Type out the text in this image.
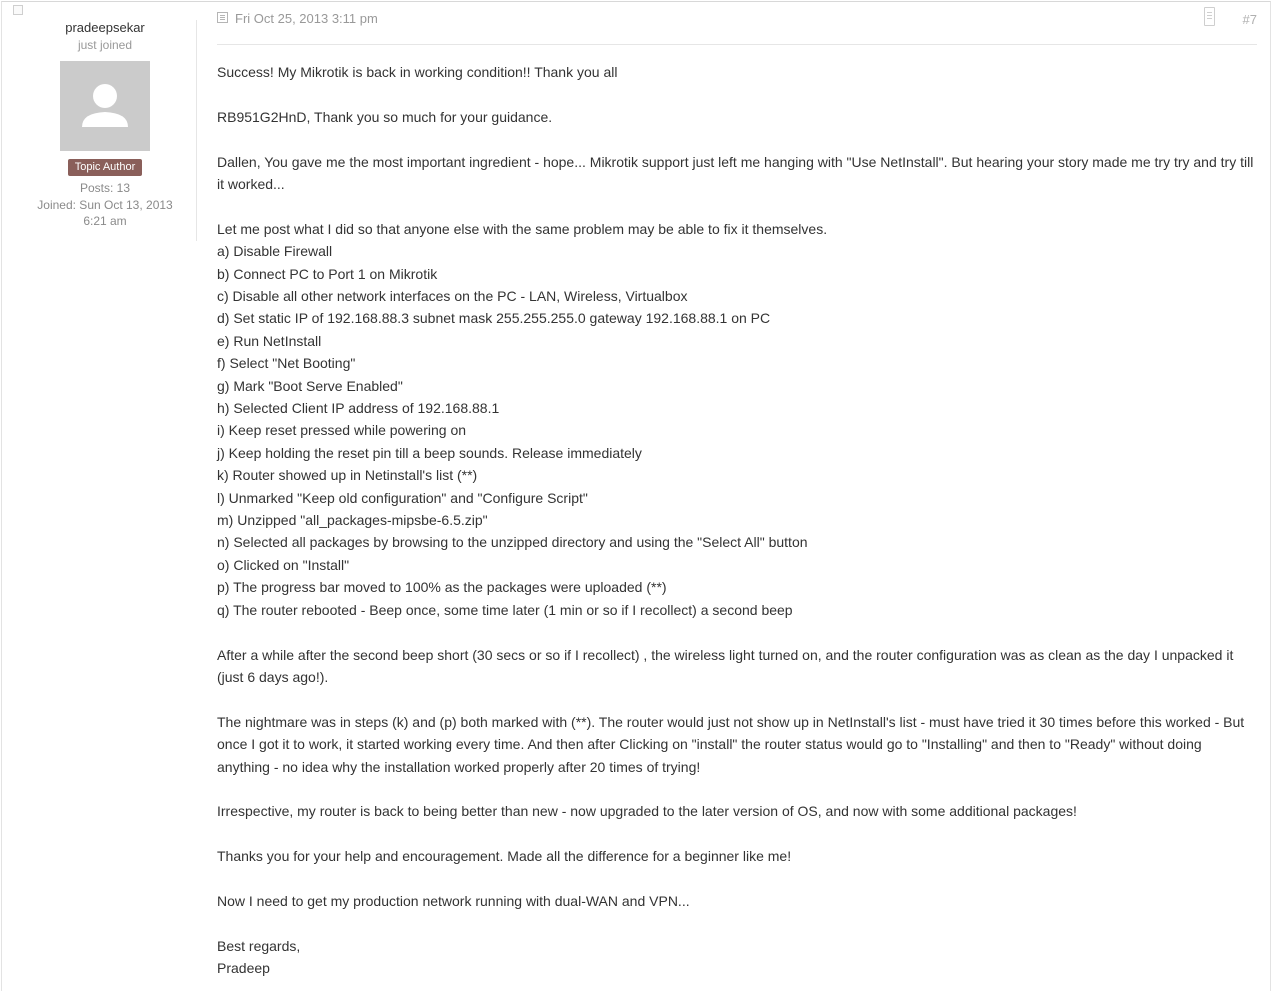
pradeepsekar
just joined
Topic Author
Posts: 13
Joined: Sun Oct 13, 2013 6:21 am
Fri Oct 25, 2013 3:11 pm	#7

Success! My Mikrotik is back in working condition!! Thank you all

RB951G2HnD, Thank you so much for your guidance.

Dallen, You gave me the most important ingredient - hope... Mikrotik support just left me hanging with "Use NetInstall". But hearing your story made me try try and try till it worked...

Let me post what I did so that anyone else with the same problem may be able to fix it themselves.
a) Disable Firewall
b) Connect PC to Port 1 on Mikrotik
c) Disable all other network interfaces on the PC - LAN, Wireless, Virtualbox
d) Set static IP of 192.168.88.3 subnet mask 255.255.255.0 gateway 192.168.88.1 on PC
e) Run NetInstall
f) Select "Net Booting"
g) Mark "Boot Serve Enabled"
h) Selected Client IP address of 192.168.88.1
i) Keep reset pressed while powering on
j) Keep holding the reset pin till a beep sounds. Release immediately
k) Router showed up in Netinstall's list (**)
l) Unmarked "Keep old configuration" and "Configure Script"
m) Unzipped "all_packages-mipsbe-6.5.zip"
n) Selected all packages by browsing to the unzipped directory and using the "Select All" button
o) Clicked on "Install"
p) The progress bar moved to 100% as the packages were uploaded (**)
q) The router rebooted - Beep once, some time later (1 min or so if I recollect) a second beep

After a while after the second beep short (30 secs or so if I recollect) , the wireless light turned on, and the router configuration was as clean as the day I unpacked it (just 6 days ago!).

The nightmare was in steps (k) and (p) both marked with (**). The router would just not show up in NetInstall's list - must have tried it 30 times before this worked - But once I got it to work, it started working every time. And then after Clicking on "install" the router status would go to "Installing" and then to "Ready" without doing anything - no idea why the installation worked properly after 20 times of trying!

Irrespective, my router is back to being better than new - now upgraded to the later version of OS, and now with some additional packages!

Thanks you for your help and encouragement. Made all the difference for a beginner like me!

Now I need to get my production network running with dual-WAN and VPN...

Best regards,
Pradeep
